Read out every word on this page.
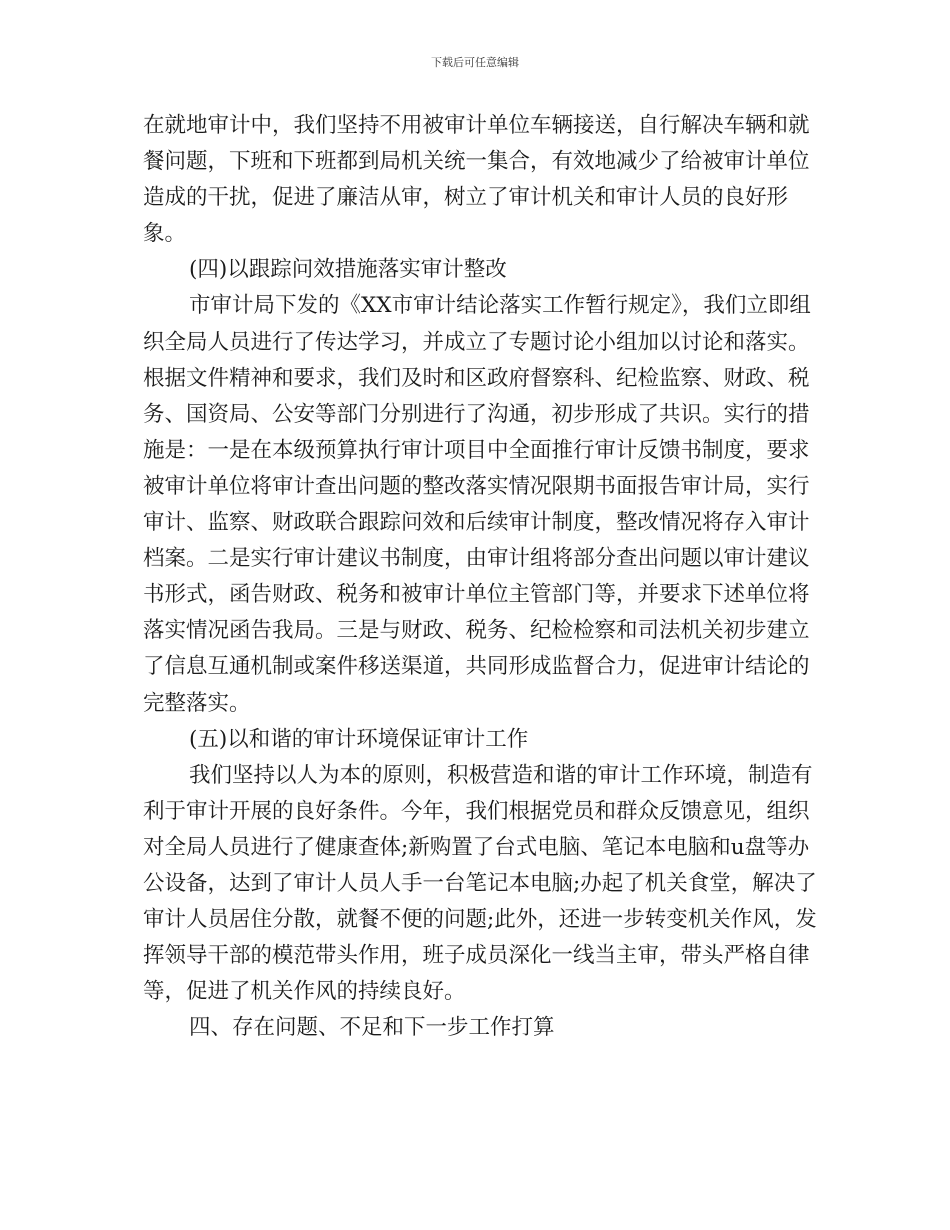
下载后可任意编辑

在就地审计中，我们坚持不用被审计单位车辆接送，自行解决车辆和就餐问题，下班和下班都到局机关统一集合，有效地减少了给被审计单位造成的干扰，促进了廉洁从审，树立了审计机关和审计人员的良好形象。

(四)以跟踪问效措施落实审计整改

市审计局下发的《XX市审计结论落实工作暂行规定》，我们立即组织全局人员进行了传达学习，并成立了专题讨论小组加以讨论和落实。根据文件精神和要求，我们及时和区政府督察科、纪检监察、财政、税务、国资局、公安等部门分别进行了沟通，初步形成了共识。实行的措施是：一是在本级预算执行审计项目中全面推行审计反馈书制度，要求被审计单位将审计查出问题的整改落实情况限期书面报告审计局，实行审计、监察、财政联合跟踪问效和后续审计制度，整改情况将存入审计档案。二是实行审计建议书制度，由审计组将部分查出问题以审计建议书形式，函告财政、税务和被审计单位主管部门等，并要求下述单位将落实情况函告我局。三是与财政、税务、纪检检察和司法机关初步建立了信息互通机制或案件移送渠道，共同形成监督合力，促进审计结论的完整落实。

(五)以和谐的审计环境保证审计工作

我们坚持以人为本的原则，积极营造和谐的审计工作环境，制造有利于审计开展的良好条件。今年，我们根据党员和群众反馈意见，组织对全局人员进行了健康查体;新购置了台式电脑、笔记本电脑和u盘等办公设备，达到了审计人员人手一台笔记本电脑;办起了机关食堂，解决了审计人员居住分散，就餐不便的问题;此外，还进一步转变机关作风，发挥领导干部的模范带头作用，班子成员深化一线当主审，带头严格自律等，促进了机关作风的持续良好。

四、存在问题、不足和下一步工作打算
